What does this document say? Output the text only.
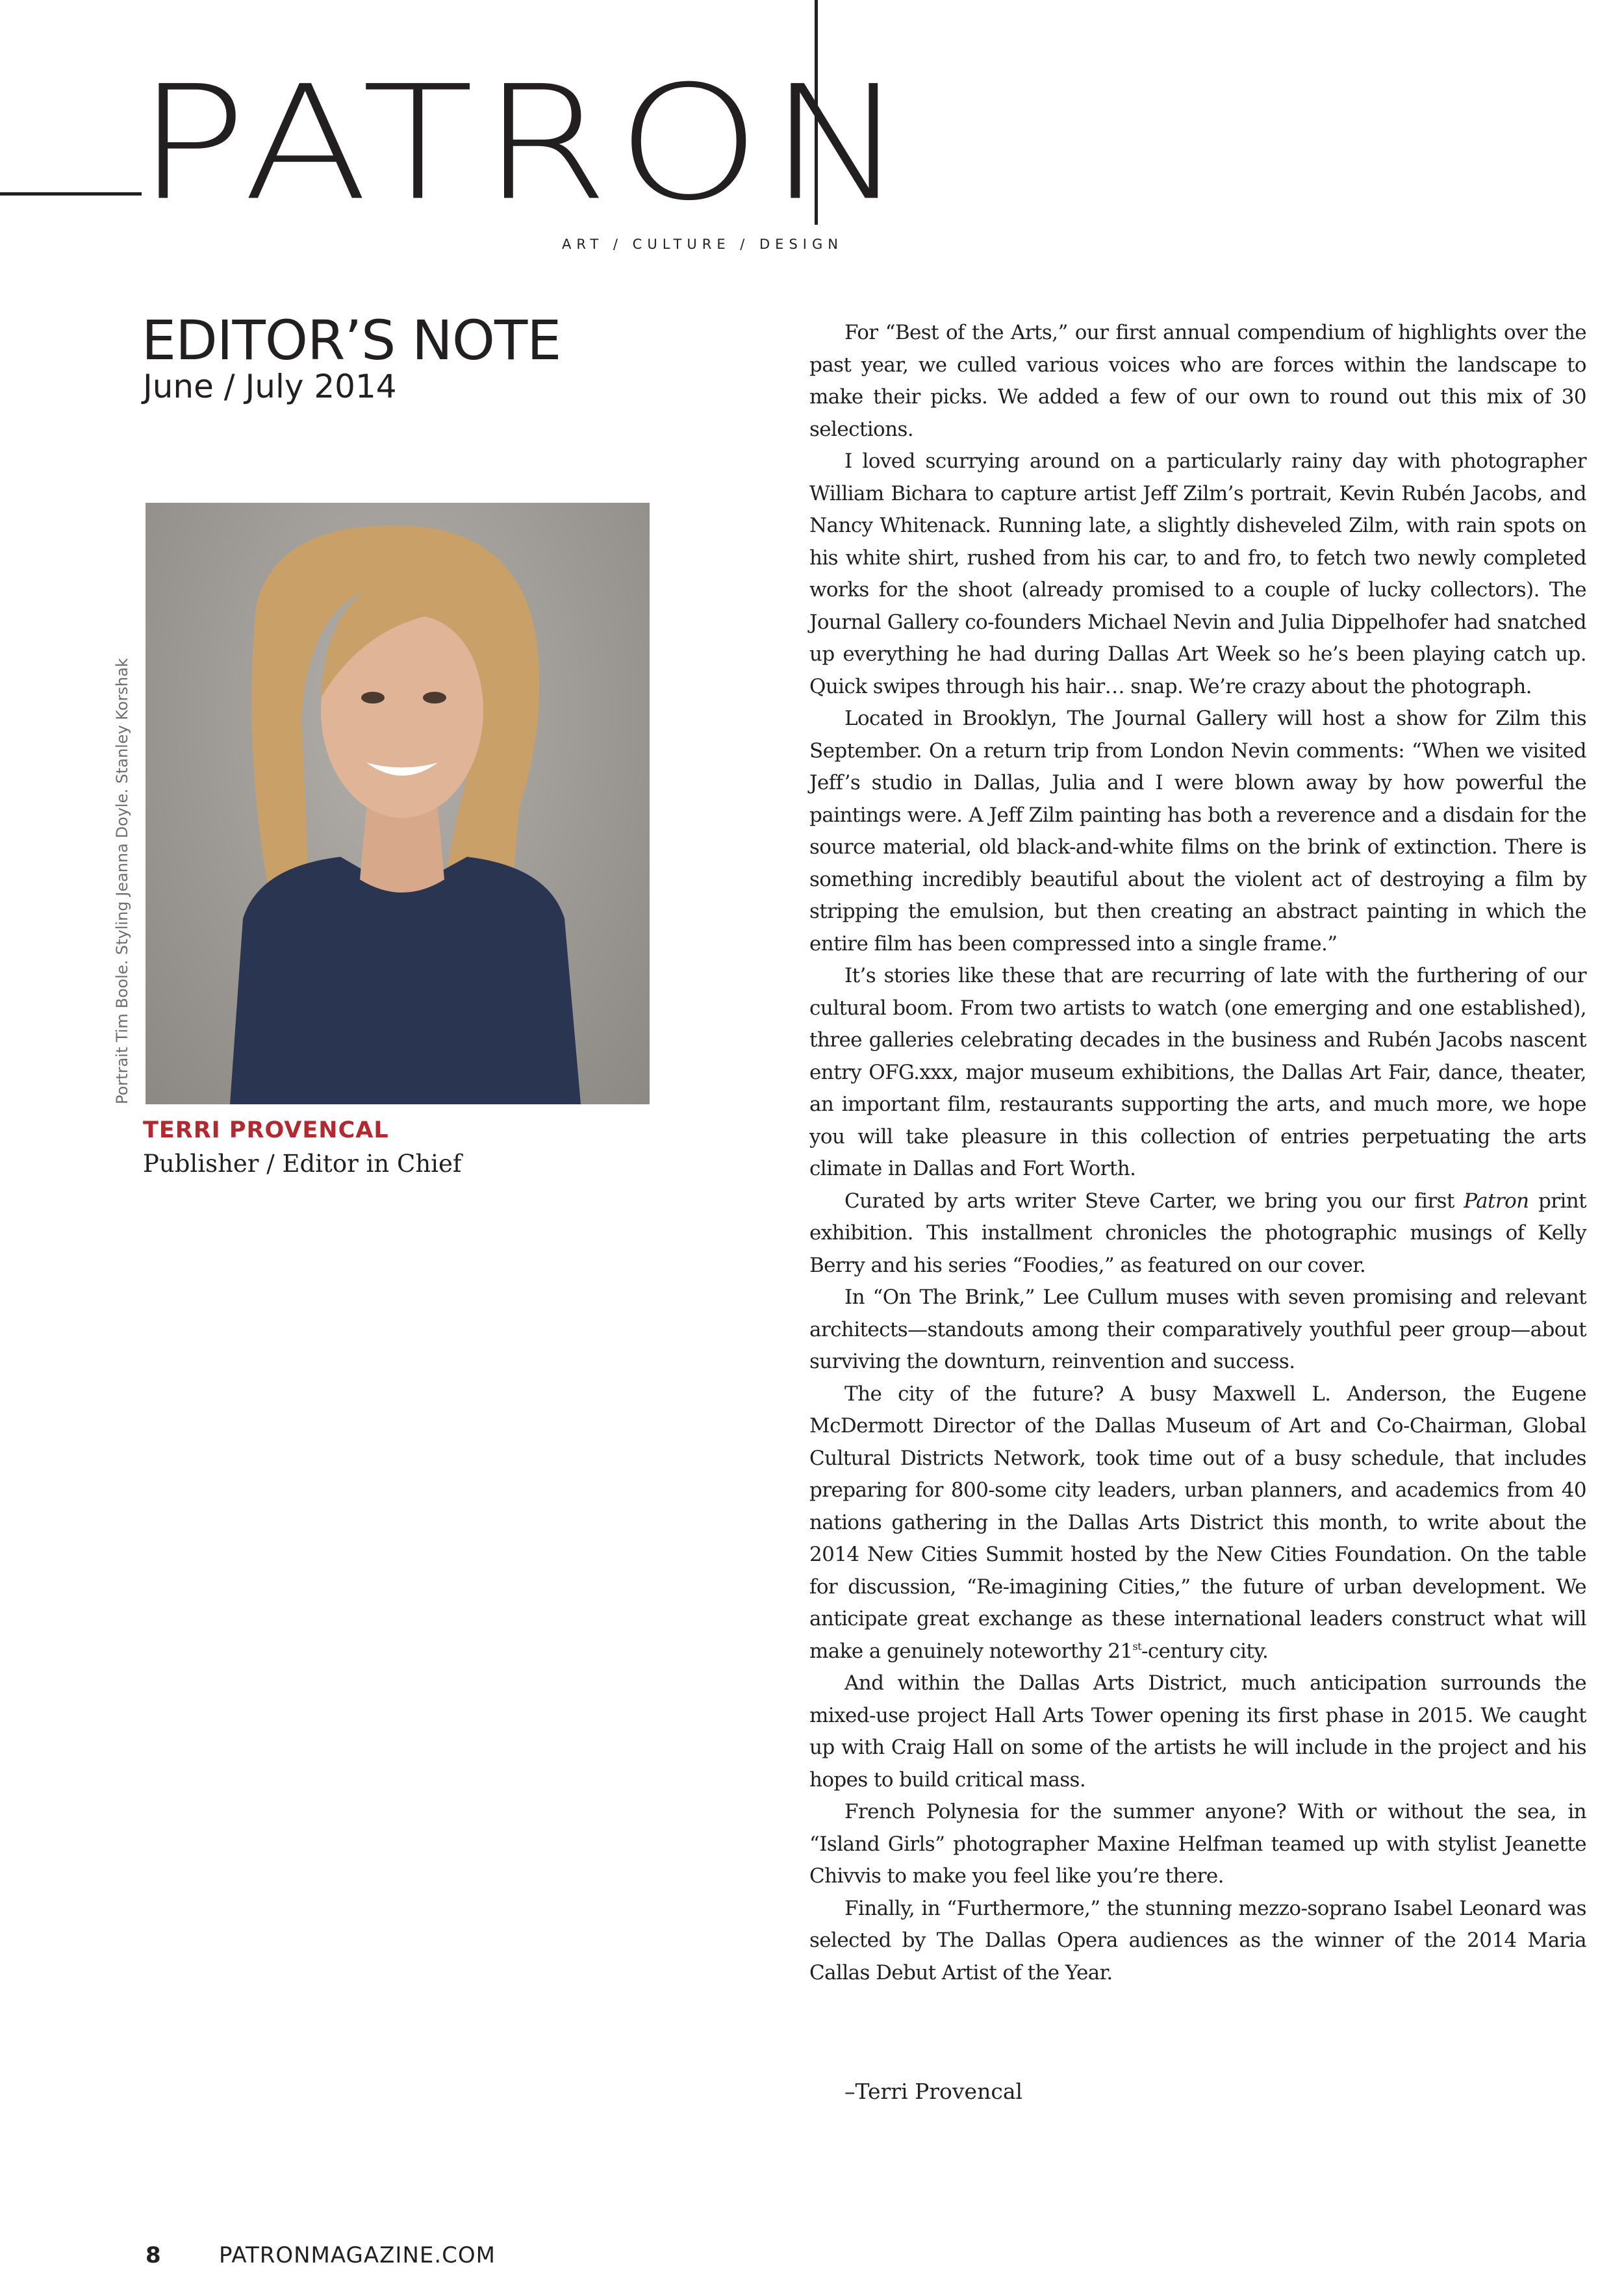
PATRON
ART / CULTURE / DESIGN
EDITOR’S NOTE
June / July 2014
Portrait Tim Boole. Styling Jeanna Doyle. Stanley Korshak
TERRI PROVENCAL
Publisher / Editor in Chief

For “Best of the Arts,” our first annual compendium of highlights over the past year, we culled various voices who are forces within the landscape to make their picks. We added a few of our own to round out this mix of 30 selections.

I loved scurrying around on a particularly rainy day with photographer William Bichara to capture artist Jeff Zilm’s portrait, Kevin Rubén Jacobs, and Nancy Whitenack. Running late, a slightly disheveled Zilm, with rain spots on his white shirt, rushed from his car, to and fro, to fetch two newly completed works for the shoot (already promised to a couple of lucky collectors). The Journal Gallery co-founders Michael Nevin and Julia Dippelhofer had snatched up everything he had during Dallas Art Week so he’s been playing catch up. Quick swipes through his hair… snap. We’re crazy about the photograph.

Located in Brooklyn, The Journal Gallery will host a show for Zilm this September. On a return trip from London Nevin comments: “When we visited Jeff’s studio in Dallas, Julia and I were blown away by how powerful the paintings were. A Jeff Zilm painting has both a reverence and a disdain for the source material, old black-and-white films on the brink of extinction. There is something incredibly beautiful about the violent act of destroying a film by stripping the emulsion, but then creating an abstract painting in which the entire film has been compressed into a single frame.”

It’s stories like these that are recurring of late with the furthering of our cultural boom. From two artists to watch (one emerging and one established), three galleries celebrating decades in the business and Rubén Jacobs nascent entry OFG.xxx, major museum exhibitions, the Dallas Art Fair, dance, theater, an important film, restaurants supporting the arts, and much more, we hope you will take pleasure in this collection of entries perpetuating the arts climate in Dallas and Fort Worth.

Curated by arts writer Steve Carter, we bring you our first Patron print exhibition. This installment chronicles the photographic musings of Kelly Berry and his series “Foodies,” as featured on our cover.

In “On The Brink,” Lee Cullum muses with seven promising and relevant architects—standouts among their comparatively youthful peer group—about surviving the downturn, reinvention and success.

The city of the future? A busy Maxwell L. Anderson, the Eugene McDermott Director of the Dallas Museum of Art and Co-Chairman, Global Cultural Districts Network, took time out of a busy schedule, that includes preparing for 800-some city leaders, urban planners, and academics from 40 nations gathering in the Dallas Arts District this month, to write about the 2014 New Cities Summit hosted by the New Cities Foundation. On the table for discussion, “Re-imagining Cities,” the future of urban development. We anticipate great exchange as these international leaders construct what will make a genuinely noteworthy 21st-century city.

And within the Dallas Arts District, much anticipation surrounds the mixed-use project Hall Arts Tower opening its first phase in 2015. We caught up with Craig Hall on some of the artists he will include in the project and his hopes to build critical mass.

French Polynesia for the summer anyone? With or without the sea, in “Island Girls” photographer Maxine Helfman teamed up with stylist Jeanette Chivvis to make you feel like you’re there.

Finally, in “Furthermore,” the stunning mezzo-soprano Isabel Leonard was selected by The Dallas Opera audiences as the winner of the 2014 Maria Callas Debut Artist of the Year.

–Terri Provencal
8	PATRONMAGAZINE.COM
